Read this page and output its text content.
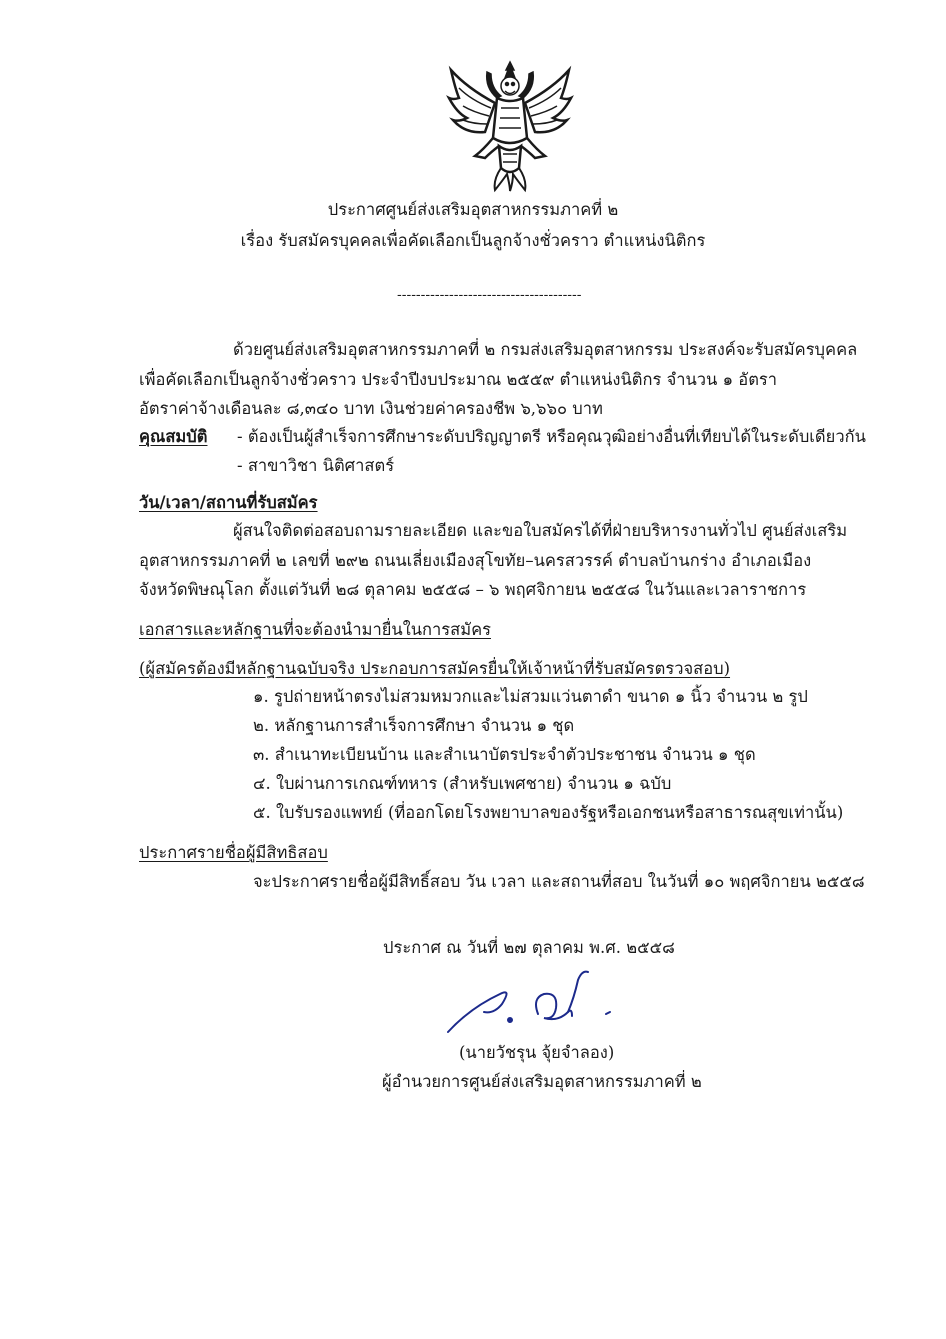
ประกาศศูนย์ส่งเสริมอุตสาหกรรมภาคที่ ๒
เรื่อง รับสมัครบุคคลเพื่อคัดเลือกเป็นลูกจ้างชั่วคราว ตำแหน่งนิติกร
---------------------------------------
ด้วยศูนย์ส่งเสริมอุตสาหกรรมภาคที่ ๒ กรมส่งเสริมอุตสาหกรรม ประสงค์จะรับสมัครบุคคล
เพื่อคัดเลือกเป็นลูกจ้างชั่วคราว ประจำปีงบประมาณ ๒๕๕๙ ตำแหน่งนิติกร จำนวน ๑ อัตรา
อัตราค่าจ้างเดือนละ ๘,๓๔๐ บาท เงินช่วยค่าครองชีพ ๖,๖๖๐ บาท
คุณสมบัติ - ต้องเป็นผู้สำเร็จการศึกษาระดับปริญญาตรี หรือคุณวุฒิอย่างอื่นที่เทียบได้ในระดับเดียวกัน
- สาขาวิชา นิติศาสตร์
วัน/เวลา/สถานที่รับสมัคร
ผู้สนใจติดต่อสอบถามรายละเอียด และขอใบสมัครได้ที่ฝ่ายบริหารงานทั่วไป ศูนย์ส่งเสริม
อุตสาหกรรมภาคที่ ๒ เลขที่ ๒๙๒ ถนนเลี่ยงเมืองสุโขทัย–นครสวรรค์ ตำบลบ้านกร่าง อำเภอเมือง
จังหวัดพิษณุโลก ตั้งแต่วันที่ ๒๘ ตุลาคม ๒๕๕๘ – ๖ พฤศจิกายน ๒๕๕๘ ในวันและเวลาราชการ
เอกสารและหลักฐานที่จะต้องนำมายื่นในการสมัคร
(ผู้สมัครต้องมีหลักฐานฉบับจริง ประกอบการสมัครยื่นให้เจ้าหน้าที่รับสมัครตรวจสอบ)
๑. รูปถ่ายหน้าตรงไม่สวมหมวกและไม่สวมแว่นตาดำ ขนาด ๑ นิ้ว จำนวน ๒ รูป
๒. หลักฐานการสำเร็จการศึกษา จำนวน ๑ ชุด
๓. สำเนาทะเบียนบ้าน และสำเนาบัตรประจำตัวประชาชน จำนวน ๑ ชุด
๔. ใบผ่านการเกณฑ์ทหาร (สำหรับเพศชาย) จำนวน ๑ ฉบับ
๕. ใบรับรองแพทย์ (ที่ออกโดยโรงพยาบาลของรัฐหรือเอกชนหรือสาธารณสุขเท่านั้น)
ประกาศรายชื่อผู้มีสิทธิสอบ
จะประกาศรายชื่อผู้มีสิทธิ์สอบ วัน เวลา และสถานที่สอบ ในวันที่ ๑๐ พฤศจิกายน ๒๕๕๘
ประกาศ ณ วันที่ ๒๗ ตุลาคม พ.ศ. ๒๕๕๘
(นายวัชรุน จุ้ยจำลอง)
ผู้อำนวยการศูนย์ส่งเสริมอุตสาหกรรมภาคที่ ๒
